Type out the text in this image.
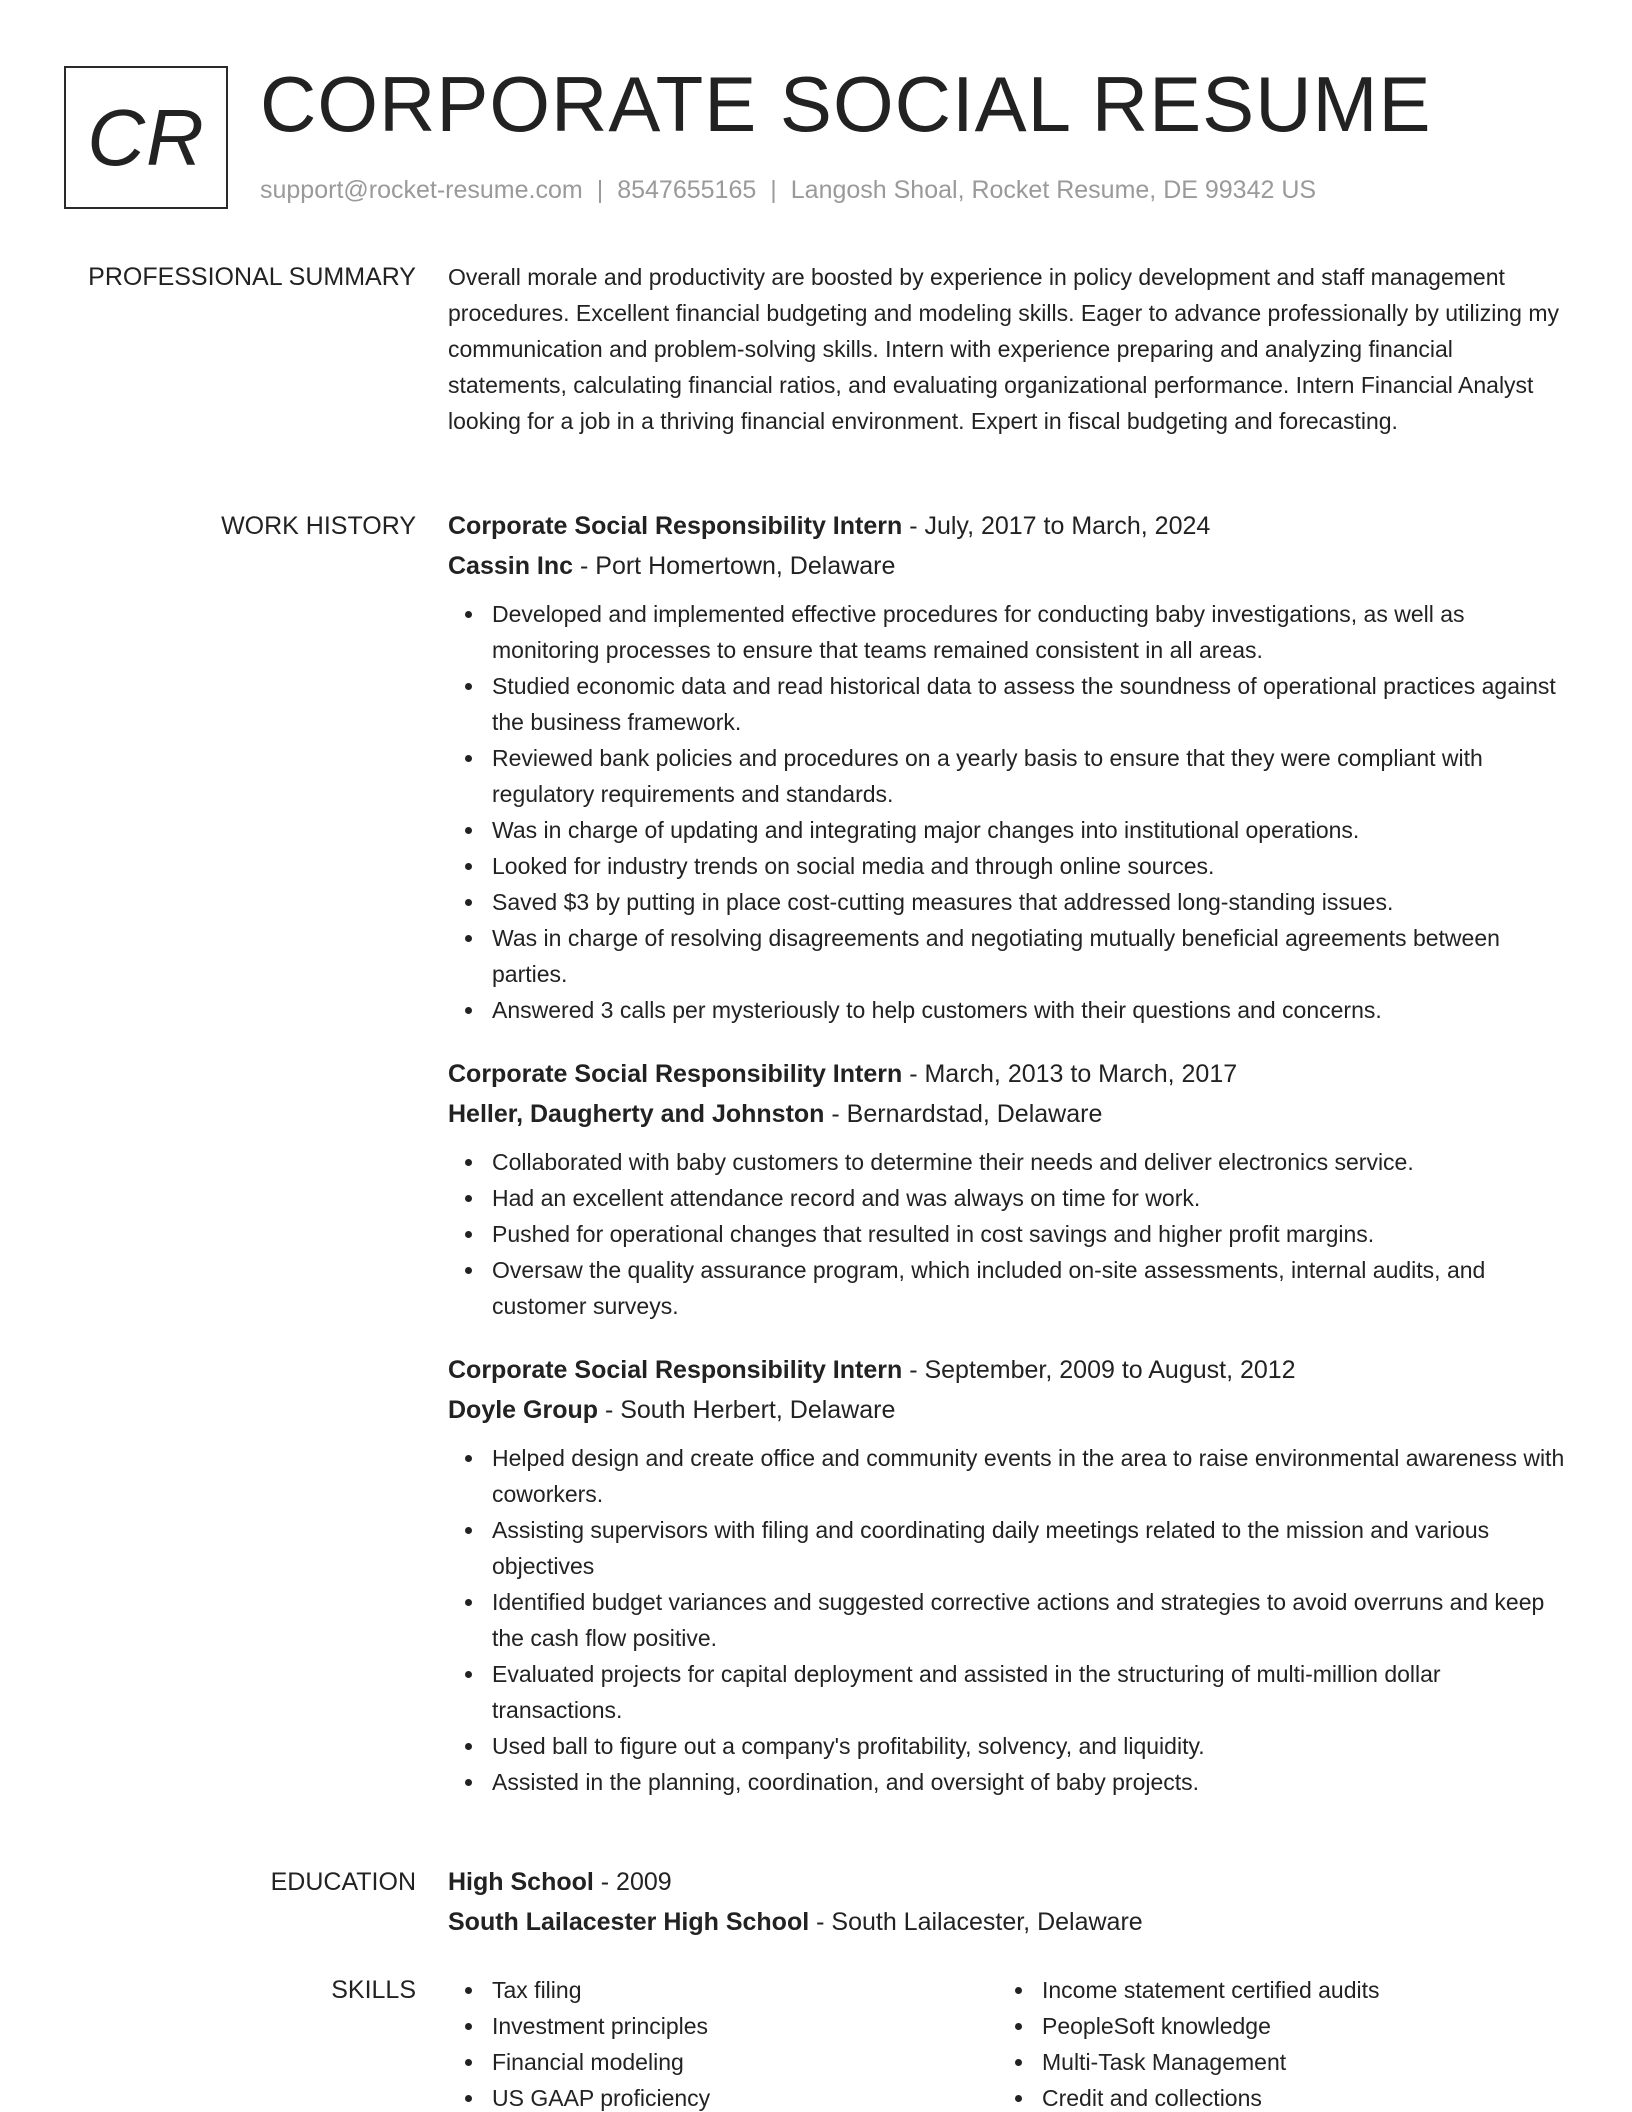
CR CORPORATE SOCIAL RESUME
support@rocket-resume.com | 8547655165 | Langosh Shoal, Rocket Resume, DE 99342 US
PROFESSIONAL SUMMARY Overall morale and productivity are boosted by experience in policy development and staff management procedures. Excellent financial budgeting and modeling skills. Eager to advance professionally by utilizing my communication and problem-solving skills. Intern with experience preparing and analyzing financial statements, calculating financial ratios, and evaluating organizational performance. Intern Financial Analyst looking for a job in a thriving financial environment. Expert in fiscal budgeting and forecasting.
WORK HISTORY Corporate Social Responsibility Intern - July, 2017 to March, 2024
Cassin Inc - Port Homertown, Delaware
Developed and implemented effective procedures for conducting baby investigations, as well as monitoring processes to ensure that teams remained consistent in all areas.
Studied economic data and read historical data to assess the soundness of operational practices against the business framework.
Reviewed bank policies and procedures on a yearly basis to ensure that they were compliant with regulatory requirements and standards.
Was in charge of updating and integrating major changes into institutional operations.
Looked for industry trends on social media and through online sources.
Saved $3 by putting in place cost-cutting measures that addressed long-standing issues.
Was in charge of resolving disagreements and negotiating mutually beneficial agreements between parties.
Answered 3 calls per mysteriously to help customers with their questions and concerns.
Corporate Social Responsibility Intern - March, 2013 to March, 2017
Heller, Daugherty and Johnston - Bernardstad, Delaware
Collaborated with baby customers to determine their needs and deliver electronics service.
Had an excellent attendance record and was always on time for work.
Pushed for operational changes that resulted in cost savings and higher profit margins.
Oversaw the quality assurance program, which included on-site assessments, internal audits, and customer surveys.
Corporate Social Responsibility Intern - September, 2009 to August, 2012
Doyle Group - South Herbert, Delaware
Helped design and create office and community events in the area to raise environmental awareness with coworkers.
Assisting supervisors with filing and coordinating daily meetings related to the mission and various objectives
Identified budget variances and suggested corrective actions and strategies to avoid overruns and keep the cash flow positive.
Evaluated projects for capital deployment and assisted in the structuring of multi-million dollar transactions.
Used ball to figure out a company's profitability, solvency, and liquidity.
Assisted in the planning, coordination, and oversight of baby projects.
EDUCATION High School - 2009
South Lailacester High School - South Lailacester, Delaware
SKILLS	Tax filing
Investment principles
Financial modeling
US GAAP proficiency
Income statement certified audits
PeopleSoft knowledge
Multi-Task Management
Credit and collections
